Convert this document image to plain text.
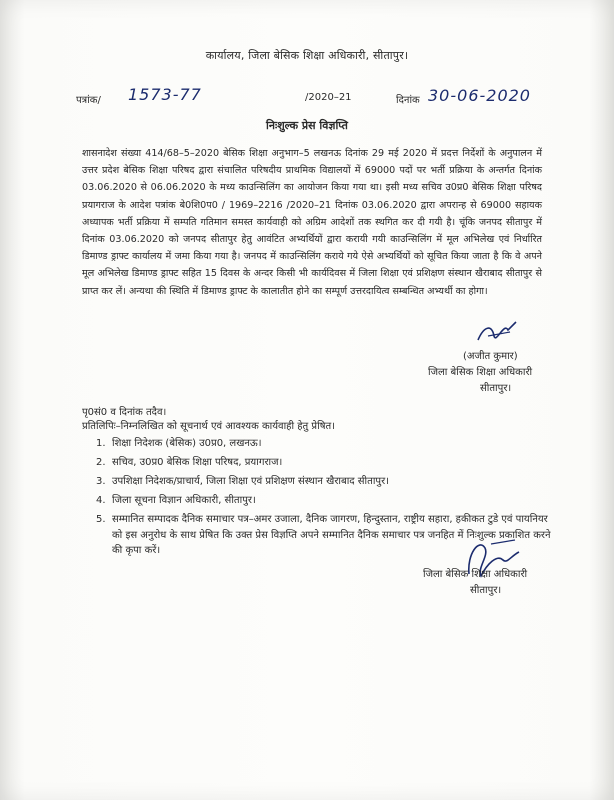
कार्यालय, जिला बेसिक शिक्षा अधिकारी, सीतापुर।
पत्रांक/ 1573-77	/2020–21	दिनांक 30-06-2020
निःशुल्क प्रेस विज्ञप्ति
शासनादेश संख्या 414/68–5–2020 बेसिक शिक्षा अनुभाग–5 लखनऊ दिनांक 29 मई 2020 में प्रदत्त निर्देशों के अनुपालन में उत्तर प्रदेश बेसिक शिक्षा परिषद द्वारा संचालित परिषदीय प्राथमिक विद्यालयों में 69000 पदों पर भर्ती प्रक्रिया के अन्तर्गत दिनांक 03.06.2020 से 06.06.2020 के मध्य काउन्सिलिंग का आयोजन किया गया था। इसी मध्य सचिव उ0प्र0 बेसिक शिक्षा परिषद प्रयागराज के आदेश पत्रांक बे0शि0प0 / 1969–2216 /2020–21 दिनांक 03.06.2020 द्वारा अपरान्ह से 69000 सहायक अध्यापक भर्ती प्रक्रिया में सम्पति गतिमान समस्त कार्यवाही को अग्रिम आदेशों तक स्थगित कर दी गयी है। चूंकि जनपद सीतापुर में दिनांक 03.06.2020 को जनपद सीतापुर हेतु आवंटित अभ्यर्थियों द्वारा करायी गयी काउन्सिलिंग में मूल अभिलेख एवं निर्धारित डिमाण्ड ड्राफ्ट कार्यालय में जमा किया गया है। जनपद में काउन्सिलिंग कराये गये ऐसे अभ्यर्थियों को सूचित किया जाता है कि वे अपने मूल अभिलेख डिमाण्ड ड्राफ्ट सहित 15 दिवस के अन्दर किसी भी कार्यदिवस में जिला शिक्षा एवं प्रशिक्षण संस्थान खैराबाद सीतापुर से प्राप्त कर लें। अन्यथा की स्थिति में डिमाण्ड ड्राफ्ट के कालातीत होने का सम्पूर्ण उत्तरदायित्व सम्बन्धित अभ्यर्थी का होगा।
(अजीत कुमार)
जिला बेसिक शिक्षा अधिकारी
सीतापुर।
पृ0सं0 व दिनांक तदैव।
प्रतिलिपिः–निम्नलिखित को सूचनार्थ एवं आवश्यक कार्यवाही हेतु प्रेषित।
1. शिक्षा निदेशक (बेसिक) उ0प्र0, लखनऊ।
2. सचिव, उ0प्र0 बेसिक शिक्षा परिषद, प्रयागराज।
3. उपशिक्षा निदेशक/प्राचार्य, जिला शिक्षा एवं प्रशिक्षण संस्थान खैराबाद सीतापुर।
4. जिला सूचना विज्ञान अधिकारी, सीतापुर।
5. सम्मानित सम्पादक दैनिक समाचार पत्र–अमर उजाला, दैनिक जागरण, हिन्दुस्तान, राष्ट्रीय सहारा, हकीकत टुडे एवं पायनियर को इस अनुरोध के साथ प्रेषित कि उक्त प्रेस विज्ञप्ति अपने सम्मानित दैनिक समाचार पत्र जनहित में निःशुल्क प्रकाशित करने की कृपा करें।
जिला बेसिक शिक्षा अधिकारी
सीतापुर।
